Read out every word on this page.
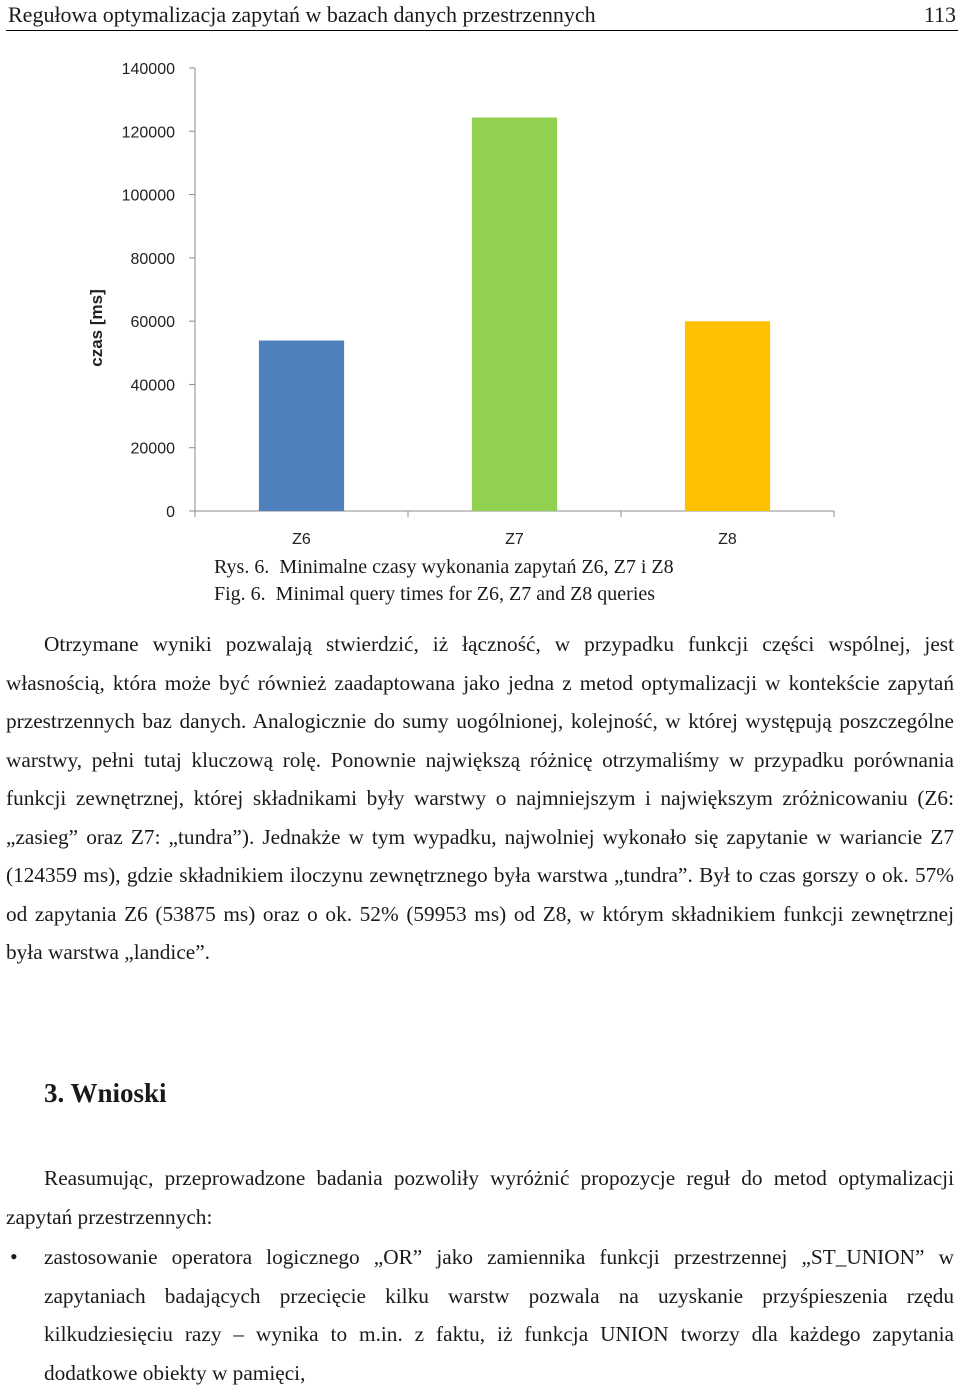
Regułowa optymalizacja zapytań w bazach danych przestrzennych	113
0
20000
40000
60000
80000
100000
120000
140000
Z6	Z7	Z8
czas [ms]
Rys. 6.  Minimalne czasy wykonania zapytań Z6, Z7 i Z8
Fig. 6.  Minimal query times for Z6, Z7 and Z8 queries

Otrzymane wyniki pozwalają stwierdzić, iż łączność, w przypadku funkcji części wspólnej, jest własnością, która może być również zaadaptowana jako jedna z metod optymalizacji w kontekście zapytań przestrzennych baz danych. Analogicznie do sumy uogólnionej, kolejność, w której występują poszczególne warstwy, pełni tutaj kluczową rolę. Ponownie największą różnicę otrzymaliśmy w przypadku porównania funkcji zewnętrznej, której składnikami były warstwy o najmniejszym i największym zróżnicowaniu (Z6: „zasieg” oraz Z7: „tundra”). Jednakże w tym wypadku, najwolniej wykonało się zapytanie w wariancie Z7 (124359 ms), gdzie składnikiem iloczynu zewnętrznego była warstwa „tundra”. Był to czas gorszy o ok. 57% od zapytania Z6 (53875 ms) oraz o ok. 52% (59953 ms) od Z8, w którym składnikiem funkcji zewnętrznej była warstwa „landice”.

3. Wnioski

Reasumując, przeprowadzone badania pozwoliły wyróżnić propozycje reguł do metod optymalizacji zapytań przestrzennych:

• zastosowanie operatora logicznego „OR” jako zamiennika funkcji przestrzennej „ST_UNION” w zapytaniach badających przecięcie kilku warstw pozwala na uzyskanie przyśpieszenia rzędu kilkudziesięciu razy – wynika to m.in. z faktu, iż funkcja UNION tworzy dla każdego zapytania dodatkowe obiekty w pamięci,
